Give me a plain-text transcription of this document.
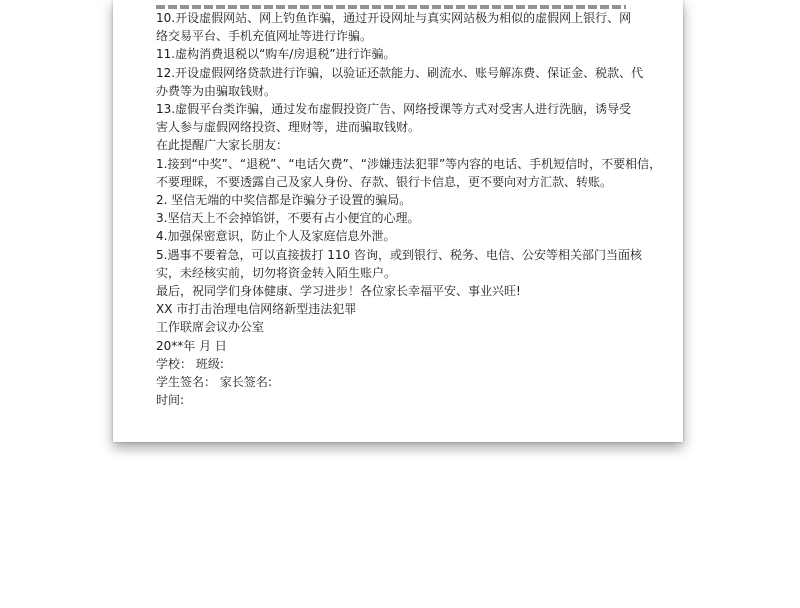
10.开设虚假网站、网上钓鱼诈骗，通过开设网址与真实网站极为相似的虚假网上银行、网

络交易平台、手机充值网址等进行诈骗。

11.虚构消费退税以“购车/房退税”进行诈骗。

12.开设虚假网络贷款进行诈骗，以验证还款能力、刷流水、账号解冻费、保证金、税款、代

办费等为由骗取钱财。

13.虚假平台类诈骗，通过发布虚假投资广告、网络授课等方式对受害人进行洗脑，诱导受

害人参与虚假网络投资、理财等，进而骗取钱财。

在此提醒广大家长朋友：

1.接到“中奖”、“退税”、“电话欠费”、“涉嫌违法犯罪”等内容的电话、手机短信时，不要相信，

不要理睬，不要透露自己及家人身份、存款、银行卡信息，更不要向对方汇款、转账。

2. 坚信无端的中奖信都是诈骗分子设置的骗局。

3.坚信天上不会掉馅饼，不要有占小便宜的心理。

4.加强保密意识，防止个人及家庭信息外泄。

5.遇事不要着急，可以直接拔打 110 咨询，或到银行、税务、电信、公安等相关部门当面核

实，未经核实前，切勿将资金转入陌生账户。

最后，祝同学们身体健康、学习进步！各位家长幸福平安、事业兴旺!

XX 市打击治理电信网络新型违法犯罪

工作联席会议办公室

20**年 月 日

学校： 班级:

学生签名： 家长签名:

时间:
